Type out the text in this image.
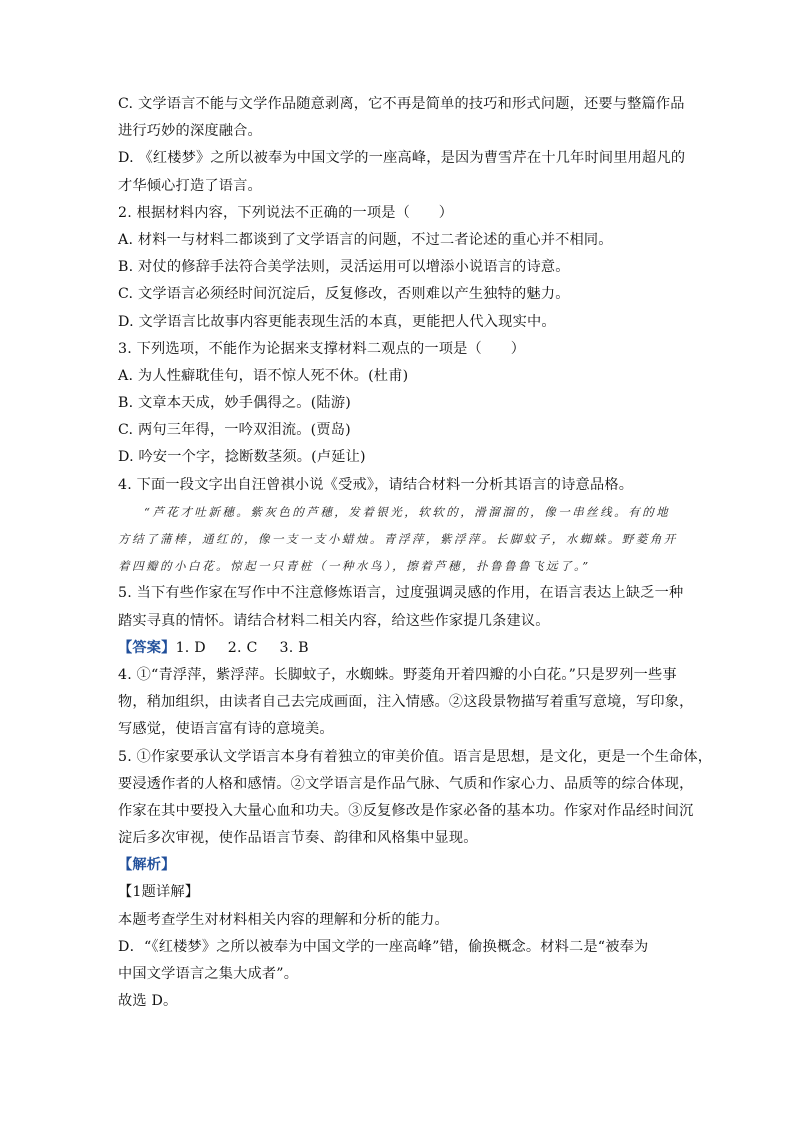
C. 文学语言不能与文学作品随意剥离，它不再是简单的技巧和形式问题，还要与整篇作品
进行巧妙的深度融合。
D. 《红楼梦》之所以被奉为中国文学的一座高峰，是因为曹雪芹在十几年时间里用超凡的
才华倾心打造了语言。
2. 根据材料内容，下列说法不正确的一项是（　　）
A. 材料一与材料二都谈到了文学语言的问题，不过二者论述的重心并不相同。
B. 对仗的修辞手法符合美学法则，灵活运用可以增添小说语言的诗意。
C. 文学语言必须经时间沉淀后，反复修改，否则难以产生独特的魅力。
D. 文学语言比故事内容更能表现生活的本真，更能把人代入现实中。
3. 下列选项，不能作为论据来支撑材料二观点的一项是（　　）
A. 为人性癖耽佳句，语不惊人死不休。(杜甫)
B. 文章本天成，妙手偶得之。(陆游)
C. 两句三年得，一吟双泪流。(贾岛)
D. 吟安一个字，捻断数茎须。(卢延让)
4. 下面一段文字出自汪曾祺小说《受戒》，请结合材料一分析其语言的诗意品格。
“芦花才吐新穗。紫灰色的芦穗，发着银光，软软的，滑溜溜的，像一串丝线。有的地
方结了蒲棒，通红的，像一支一支小蜡烛。青浮萍，紫浮萍。长脚蚊子，水蜘蛛。野菱角开
着四瓣的小白花。惊起一只青桩（一种水鸟），擦着芦穗，扑鲁鲁鲁飞远了。”
5. 当下有些作家在写作中不注意修炼语言，过度强调灵感的作用，在语言表达上缺乏一种
踏实寻真的情怀。请结合材料二相关内容，给这些作家提几条建议。
【答案】1. D 2. C 3. B
4. ①“青浮萍，紫浮萍。长脚蚊子，水蜘蛛。野菱角开着四瓣的小白花。”只是罗列一些事
物，稍加组织，由读者自己去完成画面，注入情感。②这段景物描写着重写意境，写印象，
写感觉，使语言富有诗的意境美。
5. ①作家要承认文学语言本身有着独立的审美价值。语言是思想，是文化，更是一个生命体，
要浸透作者的人格和感情。②文学语言是作品气脉、气质和作家心力、品质等的综合体现，
作家在其中要投入大量心血和功夫。③反复修改是作家必备的基本功。作家对作品经时间沉
淀后多次审视，使作品语言节奏、韵律和风格集中显现。
【解析】
【1题详解】
本题考查学生对材料相关内容的理解和分析的能力。
D．“《红楼梦》之所以被奉为中国文学的一座高峰”错，偷换概念。材料二是“被奉为
中国文学语言之集大成者”。
故选 D。
